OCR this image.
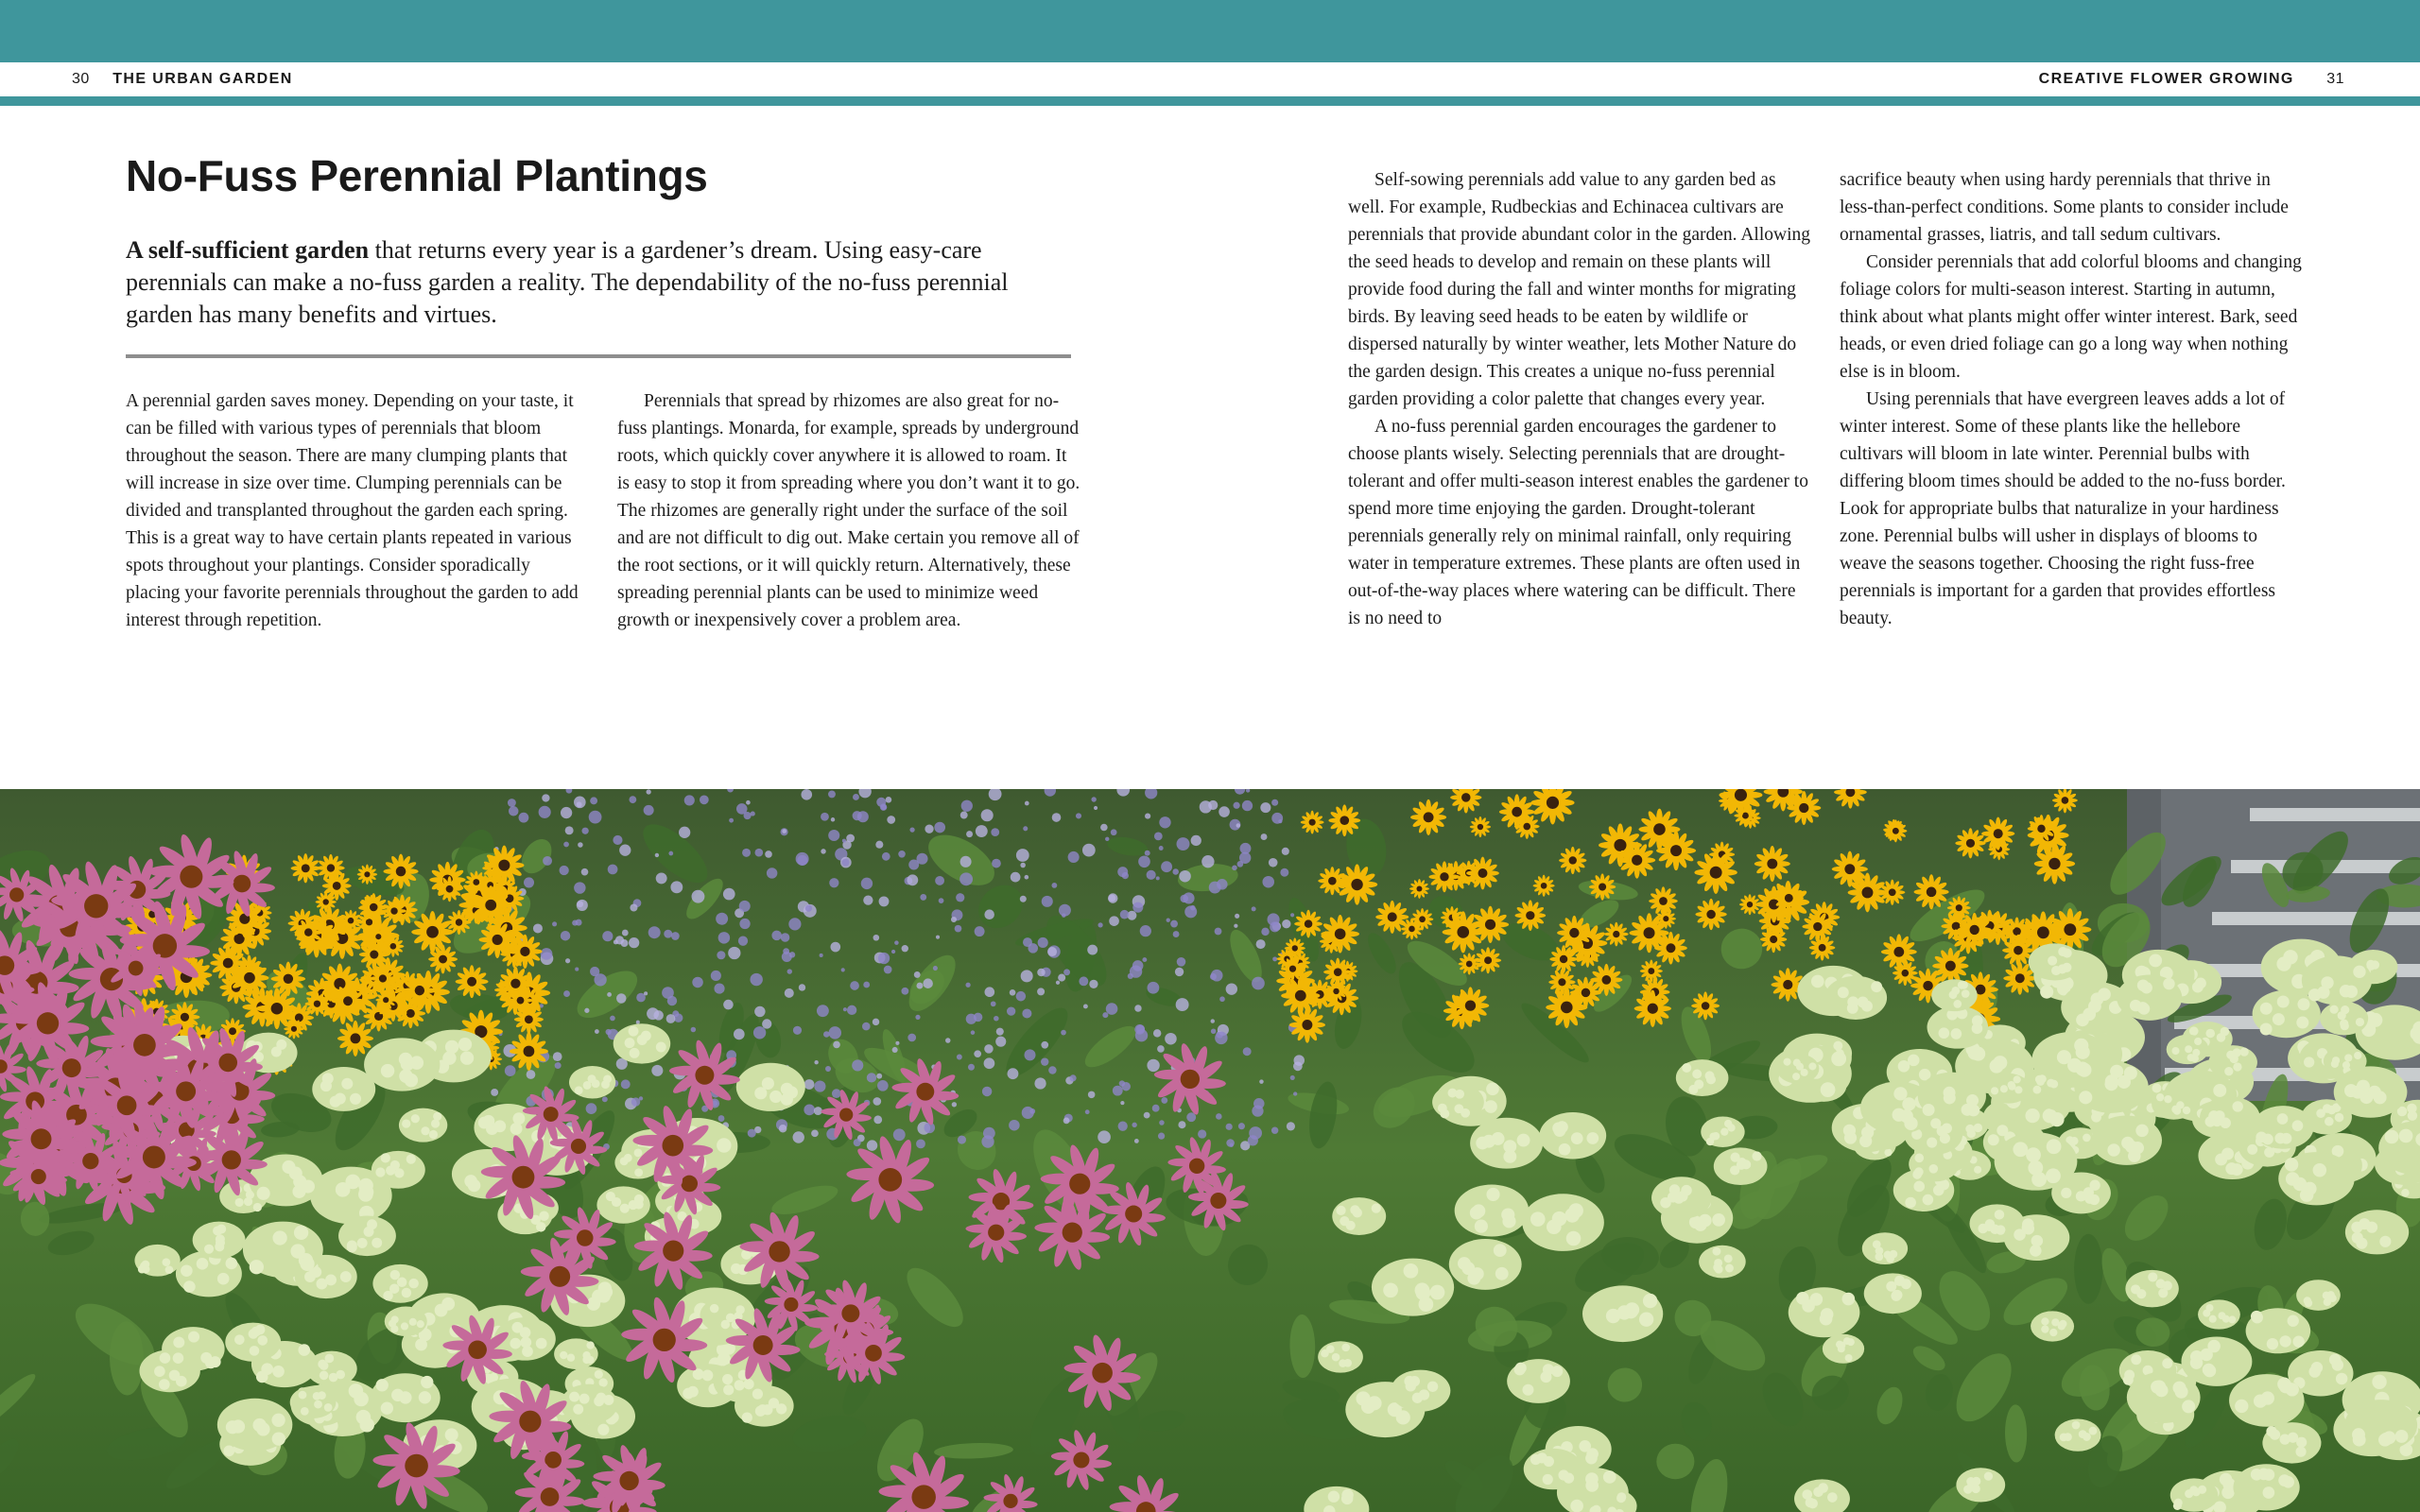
30 THE URBAN GARDEN	CREATIVE FLOWER GROWING 31
No-Fuss Perennial Plantings

A self-sufficient garden that returns every year is a gardener’s dream. Using easy-care perennials can make a no-fuss garden a reality. The dependability of the no-fuss perennial garden has many benefits and virtues.

A perennial garden saves money. Depending on your taste, it can be filled with various types of perennials that bloom throughout the season. There are many clumping plants that will increase in size over time. Clumping perennials can be divided and transplanted throughout the garden each spring. This is a great way to have certain plants repeated in various spots throughout your plantings. Consider sporadically placing your favorite perennials throughout the garden to add interest through repetition.

Perennials that spread by rhizomes are also great for no-fuss plantings. Monarda, for example, spreads by underground roots, which quickly cover anywhere it is allowed to roam. It is easy to stop it from spreading where you don’t want it to go. The rhizomes are generally right under the surface of the soil and are not difficult to dig out. Make certain you remove all of the root sections, or it will quickly return. Alternatively, these spreading perennial plants can be used to minimize weed growth or inexpensively cover a problem area.

Self-sowing perennials add value to any garden bed as well. For example, Rudbeckias and Echinacea cultivars are perennials that provide abundant color in the garden. Allowing the seed heads to develop and remain on these plants will provide food during the fall and winter months for migrating birds. By leaving seed heads to be eaten by wildlife or dispersed naturally by winter weather, lets Mother Nature do the garden design. This creates a unique no-fuss perennial garden providing a color palette that changes every year.

A no-fuss perennial garden encourages the gardener to choose plants wisely. Selecting perennials that are drought-tolerant and offer multi-season interest enables the gardener to spend more time enjoying the garden. Drought-tolerant perennials generally rely on minimal rainfall, only requiring water in temperature extremes. These plants are often used in out-of-the-way places where watering can be difficult. There is no need to

sacrifice beauty when using hardy perennials that thrive in less-than-perfect conditions. Some plants to consider include ornamental grasses, liatris, and tall sedum cultivars.

Consider perennials that add colorful blooms and changing foliage colors for multi-season interest. Starting in autumn, think about what plants might offer winter interest. Bark, seed heads, or even dried foliage can go a long way when nothing else is in bloom.

Using perennials that have evergreen leaves adds a lot of winter interest. Some of these plants like the hellebore cultivars will bloom in late winter. Perennial bulbs with differing bloom times should be added to the no-fuss border. Look for appropriate bulbs that naturalize in your hardiness zone. Perennial bulbs will usher in displays of blooms to weave the seasons together. Choosing the right fuss-free perennials is important for a garden that provides effortless beauty.
